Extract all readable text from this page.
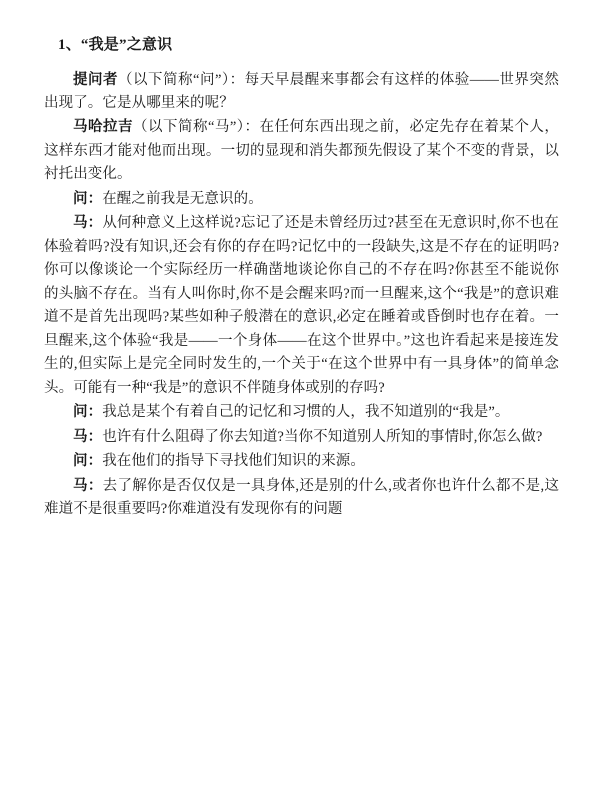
1、“我是”之意识

提问者（以下简称“问”）：每天早晨醒来事都会有这样的体验——世界突然出现了。它是从哪里来的呢？

马哈拉吉（以下简称“马”）：在任何东西出现之前，必定先存在着某个人，这样东西才能对他而出现。一切的显现和消失都预先假设了某个不变的背景，以衬托出变化。

问：在醒之前我是无意识的。

马：从何种意义上这样说?忘记了还是未曾经历过?甚至在无意识时,你不也在体验着吗?没有知识,还会有你的存在吗?记忆中的一段缺失,这是不存在的证明吗?你可以像谈论一个实际经历一样确凿地谈论你自己的不存在吗?你甚至不能说你的头脑不存在。当有人叫你时,你不是会醒来吗?而一旦醒来,这个“我是”的意识难道不是首先出现吗?某些如种子般潜在的意识,必定在睡着或昏倒时也存在着。一旦醒来,这个体验“我是——一个身体——在这个世界中。”这也许看起来是接连发生的,但实际上是完全同时发生的,一个关于“在这个世界中有一具身体”的简单念头。可能有一种“我是”的意识不伴随身体或别的存吗?

问：我总是某个有着自己的记忆和习惯的人，我不知道别的“我是”。

马：也许有什么阻碍了你去知道?当你不知道别人所知的事情时,你怎么做?

问：我在他们的指导下寻找他们知识的来源。

马：去了解你是否仅仅是一具身体,还是别的什么,或者你也许什么都不是,这难道不是很重要吗?你难道没有发现你有的问题
